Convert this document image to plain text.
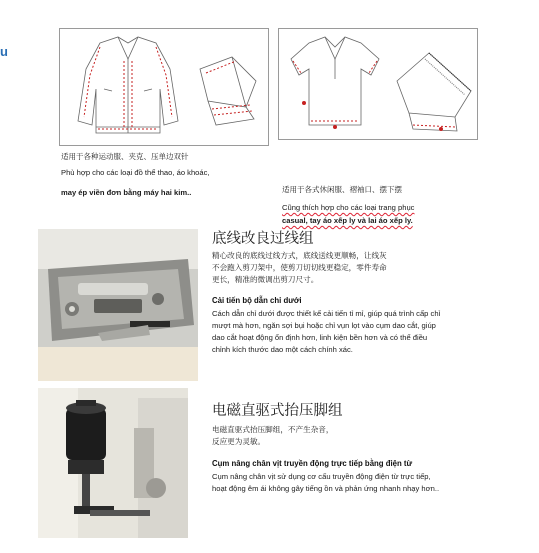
u
适用于各种运动服、夹克、压单边双针
Phù hợp cho các loại đồ thể thao, áo khoác,
may ép viền đơn bằng máy hai kim..	适用于各式休闲服、褶袖口、摆下摆
Cũng thích hợp cho các loại trang phục
casual, tay áo xếp ly và lai áo xếp ly.
底线改良过线组
精心改良的底线过线方式，底线送线更顺畅，让线灰
不会跑入剪刀架中，使剪刀切切线更稳定，零件寿命
更长，精准的微调出剪刀尺寸。
Cải tiến bộ dẫn chỉ dưới
Cách dẫn chỉ dưới được thiết kế cải tiến tỉ mỉ, giúp quá trình cấp chỉ
mượt mà hơn, ngăn sợi bụi hoặc chỉ vụn lọt vào cụm dao cắt, giúp
dao cắt hoạt động ổn định hơn, linh kiện bền hơn và có thể điều
chỉnh kích thước dao một cách chính xác.
电磁直驱式抬压脚组
电磁直驱式抬压脚组，不产生杂音，
反应更为灵敏。
Cụm nâng chân vịt truyền động trực tiếp bằng điện từ
Cụm nâng chân vịt sử dụng cơ cấu truyền động điện từ trực tiếp,
hoạt động êm ái không gây tiếng ồn và phản ứng nhanh nhạy hơn..
